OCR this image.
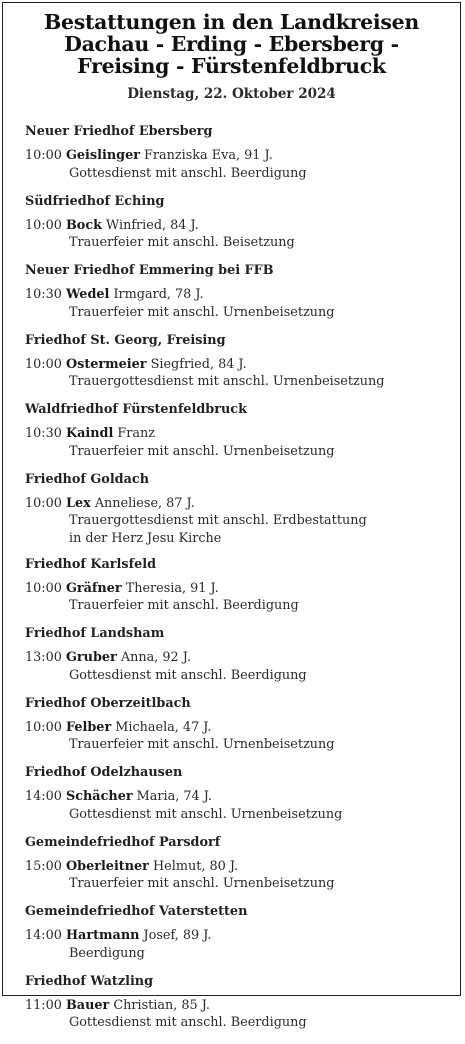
Bestattungen in den Landkreisen
Dachau - Erding - Ebersberg -
Freising - Fürstenfeldbruck
Dienstag, 22. Oktober 2024
Neuer Friedhof Ebersberg
10:00 Geislinger Franziska Eva, 91 J.
Gottesdienst mit anschl. Beerdigung
Südfriedhof Eching
10:00 Bock Winfried, 84 J.
Trauerfeier mit anschl. Beisetzung
Neuer Friedhof Emmering bei FFB
10:30 Wedel Irmgard, 78 J.
Trauerfeier mit anschl. Urnenbeisetzung
Friedhof St. Georg, Freising
10:00 Ostermeier Siegfried, 84 J.
Trauergottesdienst mit anschl. Urnenbeisetzung
Waldfriedhof Fürstenfeldbruck
10:30 Kaindl Franz
Trauerfeier mit anschl. Urnenbeisetzung
Friedhof Goldach
10:00 Lex Anneliese, 87 J.
Trauergottesdienst mit anschl. Erdbestattung
in der Herz Jesu Kirche
Friedhof Karlsfeld
10:00 Gräfner Theresia, 91 J.
Trauerfeier mit anschl. Beerdigung
Friedhof Landsham
13:00 Gruber Anna, 92 J.
Gottesdienst mit anschl. Beerdigung
Friedhof Oberzeitlbach
10:00 Felber Michaela, 47 J.
Trauerfeier mit anschl. Urnenbeisetzung
Friedhof Odelzhausen
14:00 Schächer Maria, 74 J.
Gottesdienst mit anschl. Urnenbeisetzung
Gemeindefriedhof Parsdorf
15:00 Oberleitner Helmut, 80 J.
Trauerfeier mit anschl. Urnenbeisetzung
Gemeindefriedhof Vaterstetten
14:00 Hartmann Josef, 89 J.
Beerdigung
Friedhof Watzling
11:00 Bauer Christian, 85 J.
Gottesdienst mit anschl. Beerdigung
